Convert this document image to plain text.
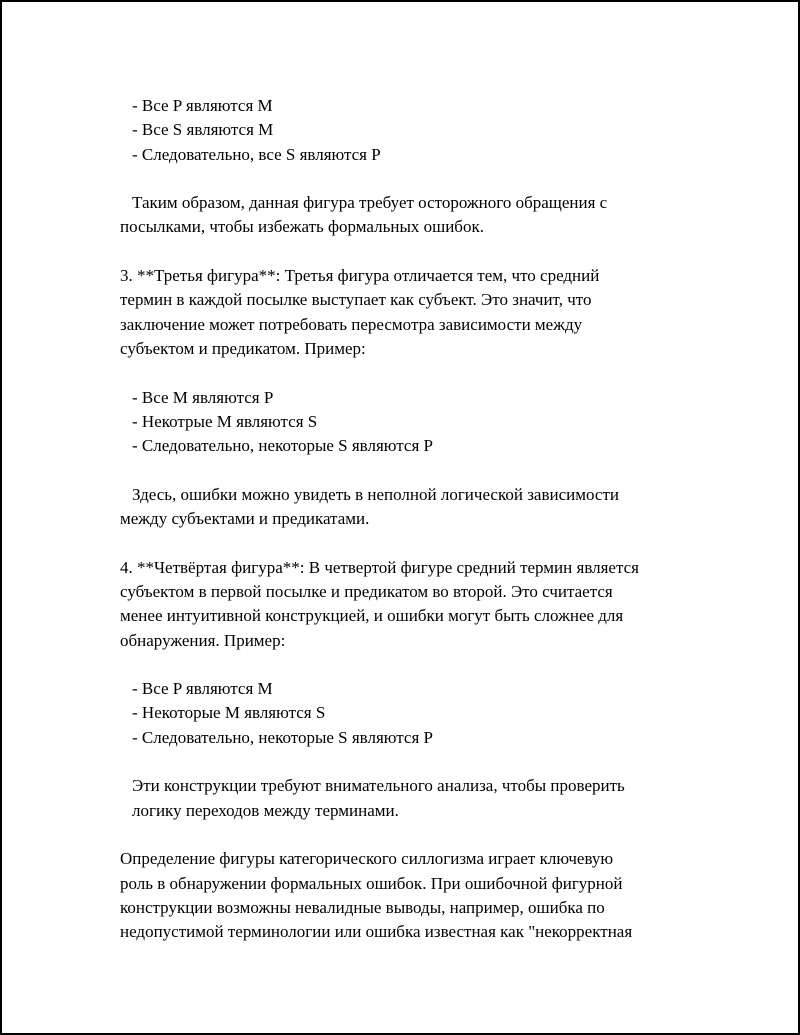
- Все P являются M

- Все S являются M

- Следовательно, все S являются P

Таким образом, данная фигура требует осторожного обращения с

посылками, чтобы избежать формальных ошибок.

3. **Третья фигура**: Третья фигура отличается тем, что средний

термин в каждой посылке выступает как субъект. Это значит, что

заключение может потребовать пересмотра зависимости между

субъектом и предикатом. Пример:

- Все M являются P

- Некотрые M являются S

- Следовательно, некоторые S являются P

Здесь, ошибки можно увидеть в неполной логической зависимости

между субъектами и предикатами.

4. **Четвёртая фигура**: В четвертой фигуре средний термин является

субъектом в первой посылке и предикатом во второй. Это считается

менее интуитивной конструкцией, и ошибки могут быть сложнее для

обнаружения. Пример:

- Все P являются M

- Некоторые M являются S

- Следовательно, некоторые S являются P

Эти конструкции требуют внимательного анализа, чтобы проверить

логику переходов между терминами.

Определение фигуры категорического силлогизма играет ключевую

роль в обнаружении формальных ошибок. При ошибочной фигурной

конструкции возможны невалидные выводы, например, ошибка по

недопустимой терминологии или ошибка известная как "некорректная
